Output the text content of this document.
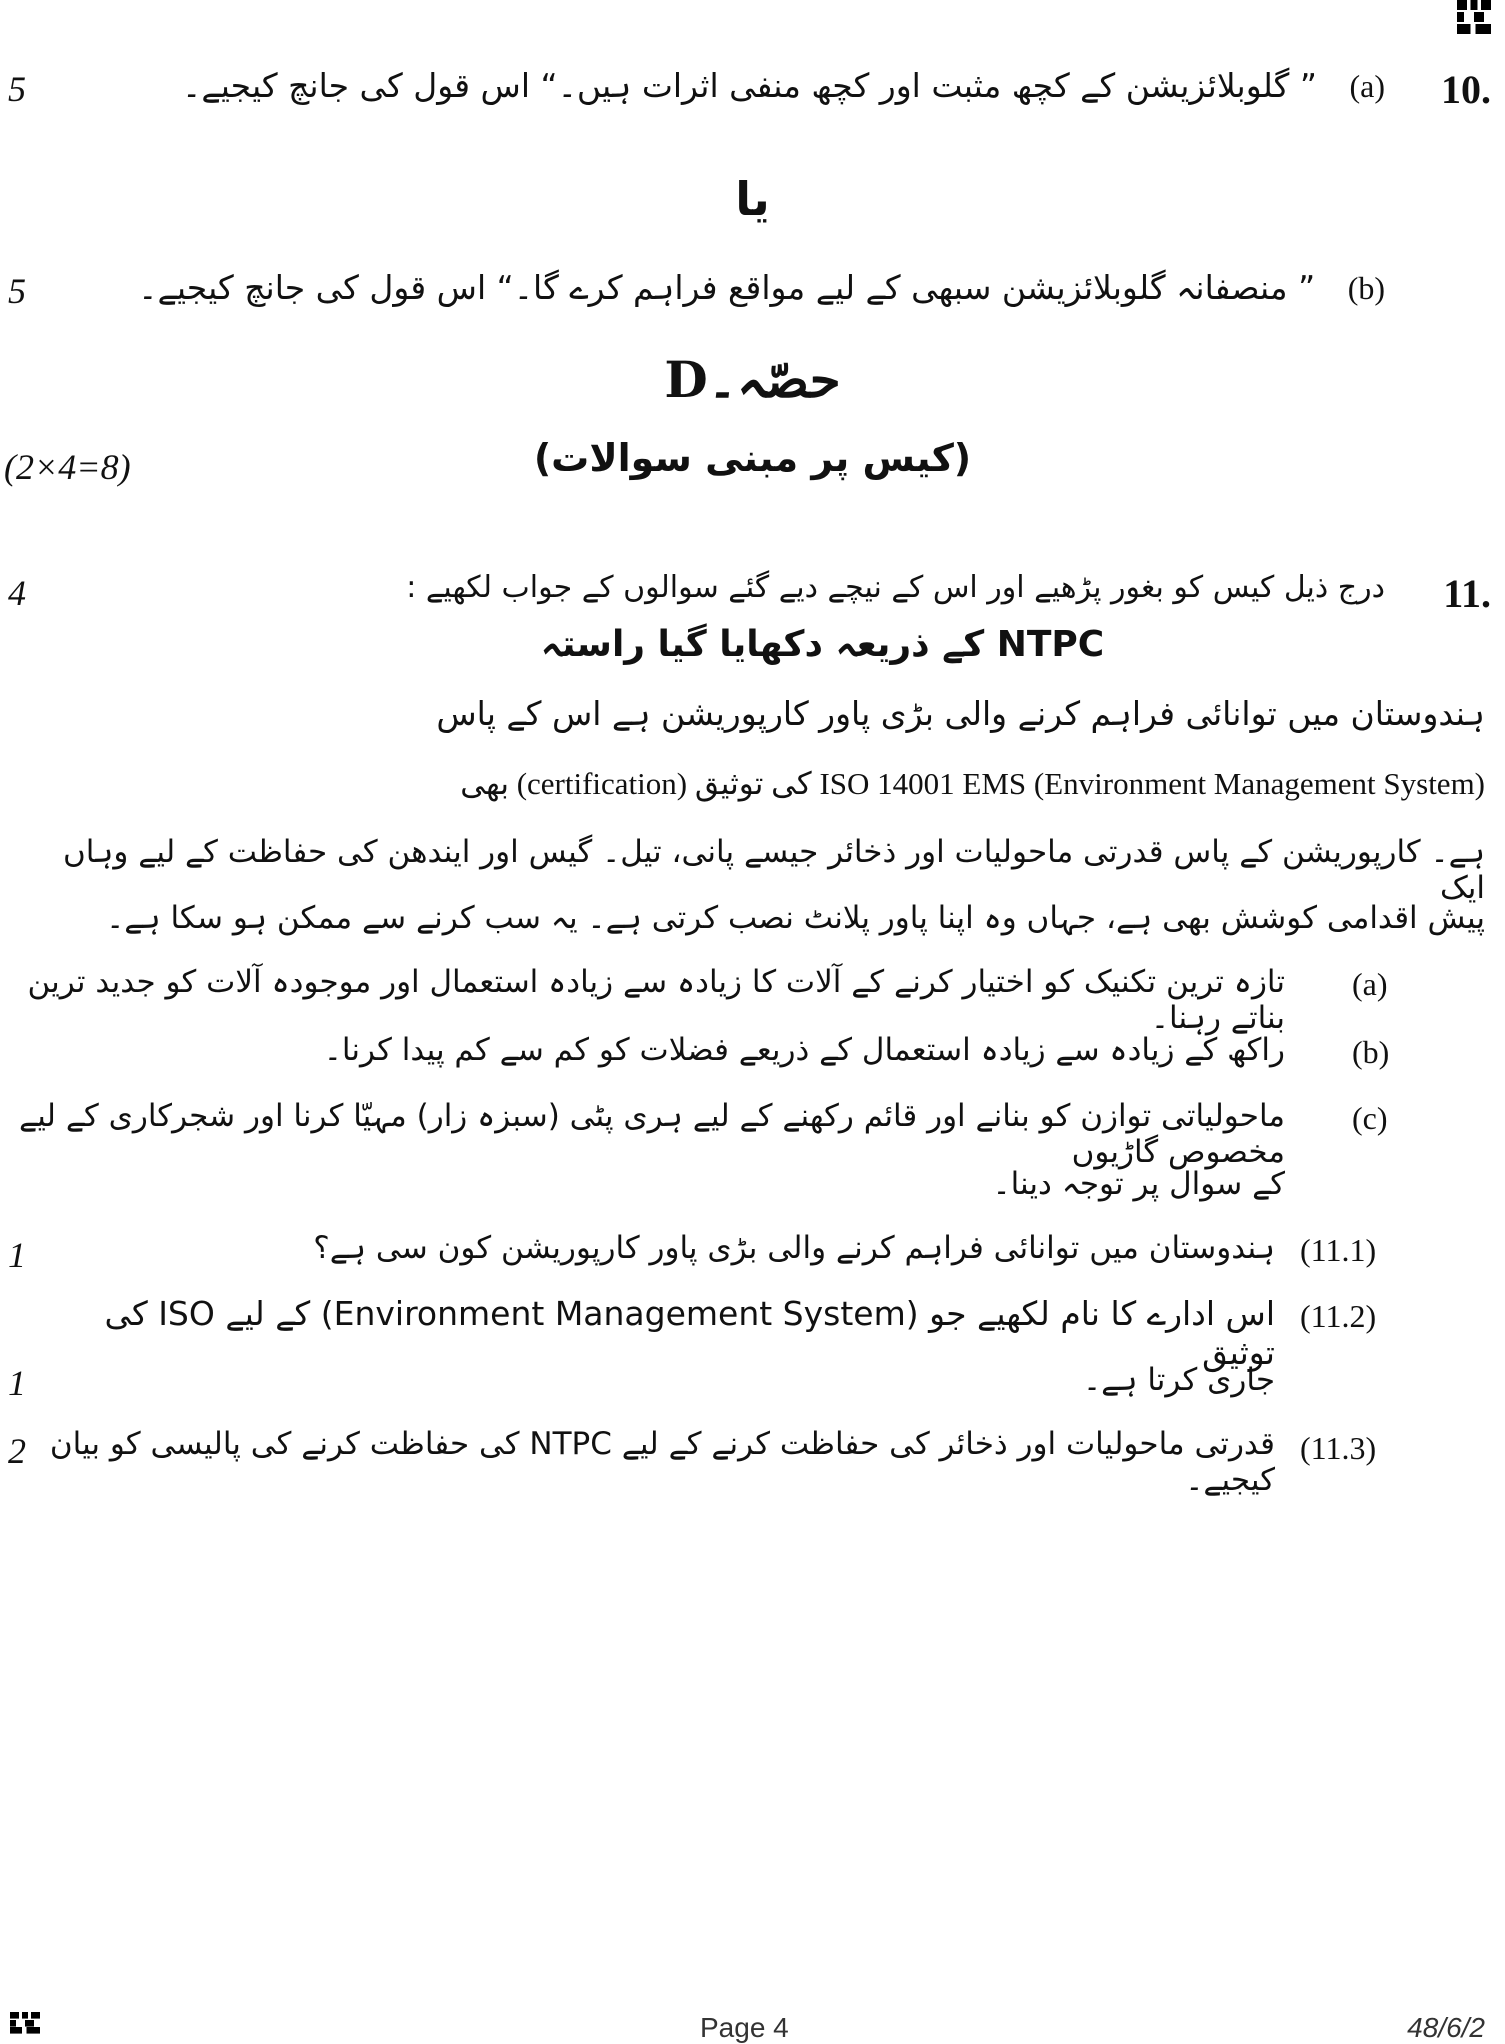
5	(a) ” گلوبلائزیشن کے کچھ مثبت اور کچھ منفی اثرات ہیں۔“ اس قول کی جانچ کیجیے۔	10.
یا
5	(b) ” منصفانہ گلوبلائزیشن سبھی کے لیے مواقع فراہم کرے گا۔“ اس قول کی جانچ کیجیے۔
حصّہ۔D
(کیس پر مبنی سوالات)
(2×4=8)
4	11.
درج ذیل کیس کو بغور پڑھیے اور اس کے نیچے دیے گئے سوالوں کے جواب لکھیے :
NTPC کے ذریعہ دکھایا گیا راستہ
ہندوستان میں توانائی فراہم کرنے والی بڑی پاور کارپوریشن ہے اس کے پاس
ISO 14001 EMS (Environment Management System) کی توثیق (certification) بھی
ہے۔ کارپوریشن کے پاس قدرتی ماحولیات اور ذخائر جیسے پانی، تیل۔ گیس اور ایندھن کی حفاظت کے لیے وہاں ایک
پیش اقدامی کوشش بھی ہے، جہاں وہ اپنا پاور پلانٹ نصب کرتی ہے۔ یہ سب کرنے سے ممکن ہو سکا ہے۔
(a)
تازہ ترین تکنیک کو اختیار کرنے کے آلات کا زیادہ سے زیادہ استعمال اور موجودہ آلات کو جدید ترین بناتے رہنا۔
(b)
راکھ کے زیادہ سے زیادہ استعمال کے ذریعے فضلات کو کم سے کم پیدا کرنا۔
(c)
ماحولیاتی توازن کو بنانے اور قائم رکھنے کے لیے ہری پٹی (سبزہ زار) مہیّا کرنا اور شجرکاری کے لیے مخصوص گاڑیوں
کے سوال پر توجہ دینا۔
1	(11.1)
ہندوستان میں توانائی فراہم کرنے والی بڑی پاور کارپوریشن کون سی ہے؟
(11.2)
اس ادارے کا نام لکھیے جو (Environment Management System) کے لیے ISO کی توثیق
1	جاری کرتا ہے۔
2	(11.3)
قدرتی ماحولیات اور ذخائر کی حفاظت کرنے کے لیے NTPC کی حفاظت کرنے کی پالیسی کو بیان کیجیے۔
Page 4	48/6/2
